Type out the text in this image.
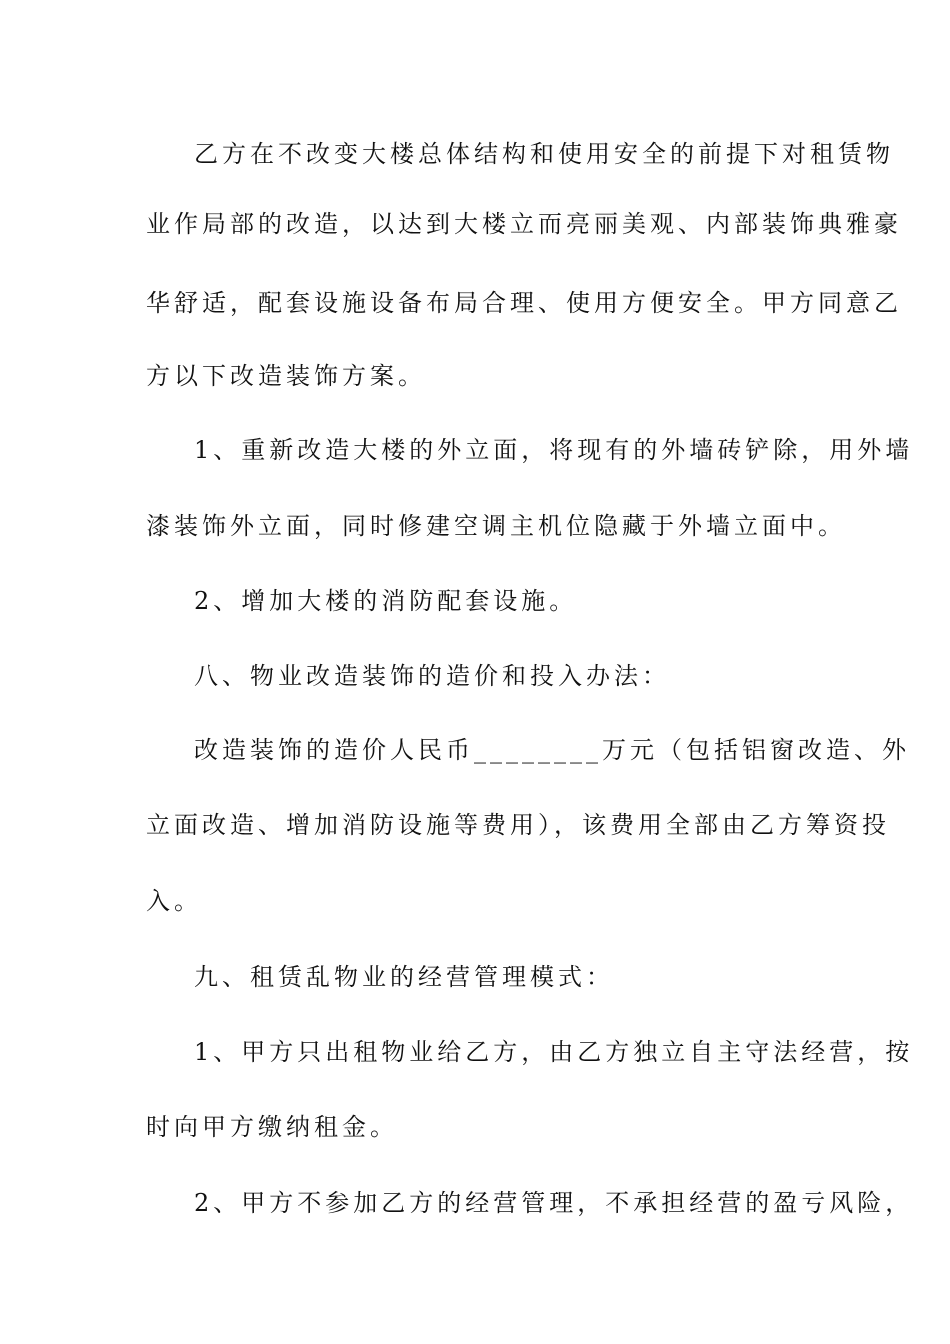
乙方在不改变大楼总体结构和使用安全的前提下对租赁物
业作局部的改造，以达到大楼立而亮丽美观、内部装饰典雅豪
华舒适，配套设施设备布局合理、使用方便安全。甲方同意乙
方以下改造装饰方案。
1、重新改造大楼的外立面，将现有的外墙砖铲除，用外墙
漆装饰外立面，同时修建空调主机位隐藏于外墙立面中。
2、增加大楼的消防配套设施。
八、物业改造装饰的造价和投入办法：
改造装饰的造价人民币________万元（包括铝窗改造、外
立面改造、增加消防设施等费用），该费用全部由乙方筹资投
入。
九、租赁乱物业的经营管理模式：
1、甲方只出租物业给乙方，由乙方独立自主守法经营，按
时向甲方缴纳租金。
2、甲方不参加乙方的经营管理，不承担经营的盈亏风险，
